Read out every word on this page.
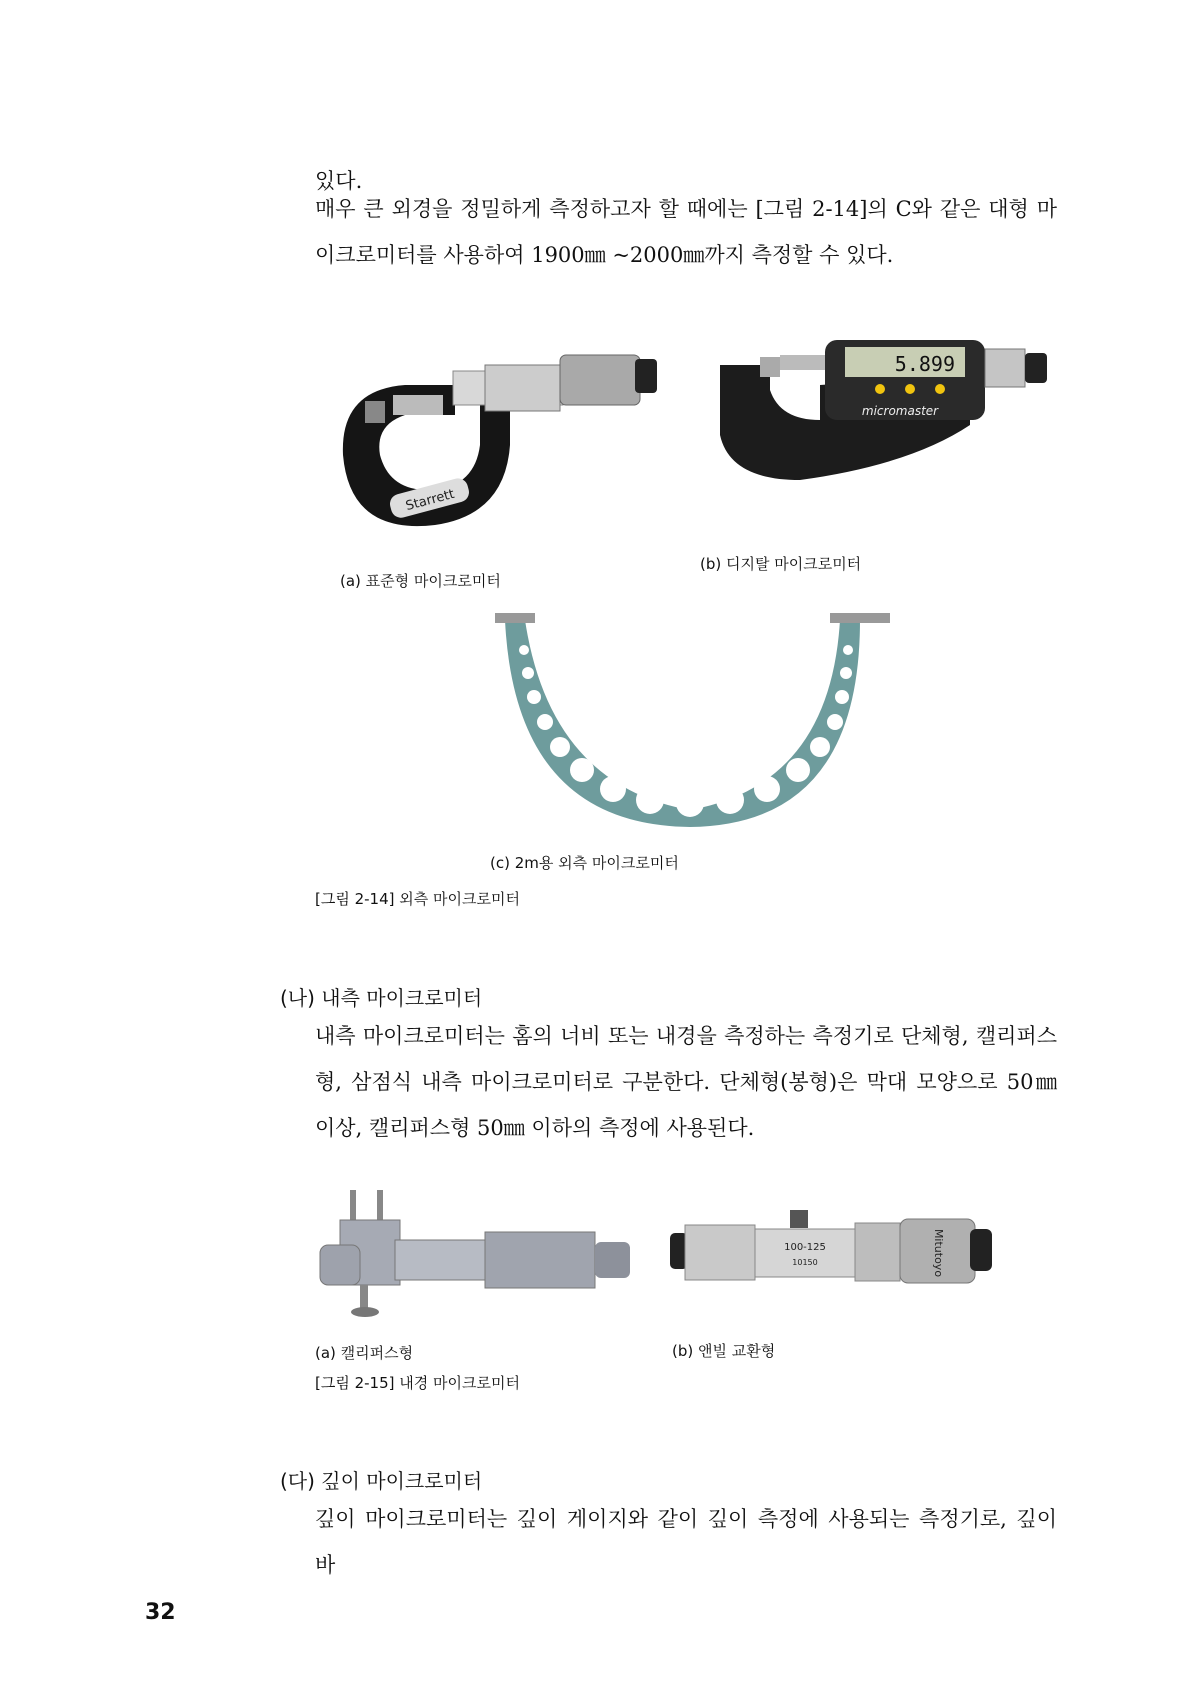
있다.
매우 큰 외경을 정밀하게 측정하고자 할 때에는 [그림 2-14]의 C와 같은 대형 마이크로미터를 사용하여 1900㎜ ~2000㎜까지 측정할 수 있다.
Starrett
5.899
micromaster
(a) 표준형 마이크로미터
(b) 디지탈 마이크로미터
(c) 2m용 외측 마이크로미터
[그림 2-14] 외측 마이크로미터
(나) 내측 마이크로미터
내측 마이크로미터는 홈의 너비 또는 내경을 측정하는 측정기로 단체형, 캘리퍼스형, 삼점식 내측 마이크로미터로 구분한다. 단체형(봉형)은 막대 모양으로 50㎜ 이상, 캘리퍼스형 50㎜ 이하의 측정에 사용된다.
100-125
10150	Mitutoyo
(a) 캘리퍼스형	(b) 앤빌 교환형
[그림 2-15] 내경 마이크로미터
(다) 깊이 마이크로미터
깊이 마이크로미터는 깊이 게이지와 같이 깊이 측정에 사용되는 측정기로, 깊이 바
32
